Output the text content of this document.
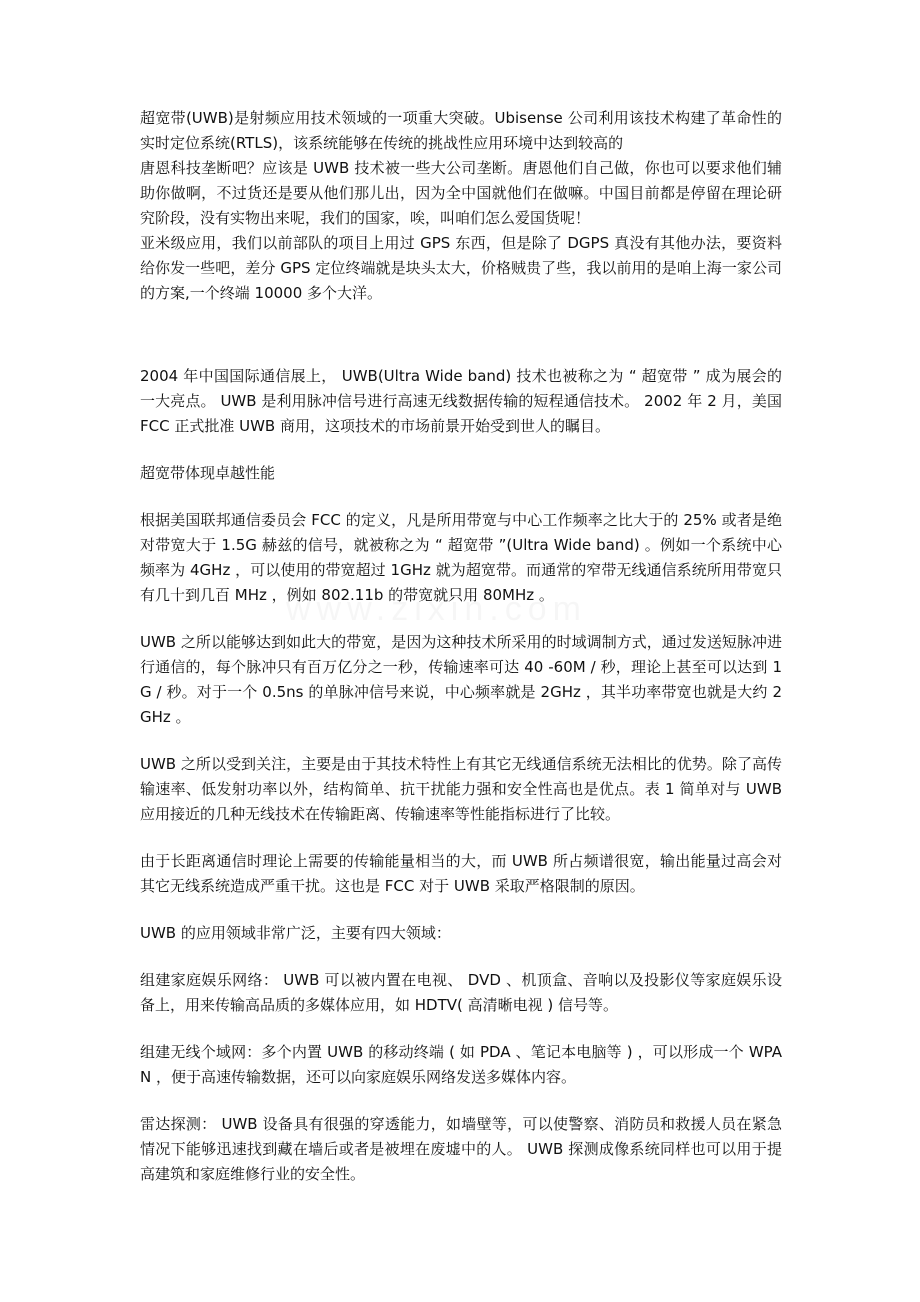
超宽带(UWB)是射频应用技术领域的一项重大突破。Ubisense 公司利用该技术构建了革命性的实时定位系统(RTLS)，该系统能够在传统的挑战性应用环境中达到较高的

唐恩科技垄断吧？应该是 UWB 技术被一些大公司垄断。唐恩他们自己做，你也可以要求他们辅助你做啊，不过货还是要从他们那儿出，因为全中国就他们在做嘛。中国目前都是停留在理论研究阶段，没有实物出来呢，我们的国家，唉，叫咱们怎么爱国货呢！

亚米级应用，我们以前部队的项目上用过 GPS 东西，但是除了 DGPS 真没有其他办法，要资料给你发一些吧，差分 GPS 定位终端就是块头太大，价格贼贵了些，我以前用的是咱上海一家公司的方案,一个终端 10000 多个大洋。

2004 年中国国际通信展上， UWB(Ultra Wide band) 技术也被称之为 “ 超宽带 ” 成为展会的一大亮点。 UWB 是利用脉冲信号进行高速无线数据传输的短程通信技术。 2002 年 2 月，美国 FCC 正式批准 UWB 商用，这项技术的市场前景开始受到世人的瞩目。

超宽带体现卓越性能

根据美国联邦通信委员会 FCC 的定义，凡是所用带宽与中心工作频率之比大于的 25% 或者是绝对带宽大于 1.5G 赫兹的信号，就被称之为 “ 超宽带 ”(Ultra Wide band) 。例如一个系统中心频率为 4GHz ，可以使用的带宽超过 1GHz 就为超宽带。而通常的窄带无线通信系统所用带宽只有几十到几百 MHz ，例如 802.11b 的带宽就只用 80MHz 。

UWB 之所以能够达到如此大的带宽，是因为这种技术所采用的时域调制方式，通过发送短脉冲进行通信的，每个脉冲只有百万亿分之一秒，传输速率可达 40 -60M / 秒，理论上甚至可以达到 1G / 秒。对于一个 0.5ns 的单脉冲信号来说，中心频率就是 2GHz ，其半功率带宽也就是大约 2GHz 。

UWB 之所以受到关注，主要是由于其技术特性上有其它无线通信系统无法相比的优势。除了高传输速率、低发射功率以外，结构简单、抗干扰能力强和安全性高也是优点。表 1 简单对与 UWB 应用接近的几种无线技术在传输距离、传输速率等性能指标进行了比较。

由于长距离通信时理论上需要的传输能量相当的大，而 UWB 所占频谱很宽，输出能量过高会对其它无线系统造成严重干扰。这也是 FCC 对于 UWB 采取严格限制的原因。

UWB 的应用领域非常广泛，主要有四大领域：

组建家庭娱乐网络： UWB 可以被内置在电视、 DVD 、机顶盒、音响以及投影仪等家庭娱乐设备上，用来传输高品质的多媒体应用，如 HDTV( 高清晰电视 ) 信号等。

组建无线个域网：多个内置 UWB 的移动终端 ( 如 PDA 、笔记本电脑等 ) ，可以形成一个 WPAN ，便于高速传输数据，还可以向家庭娱乐网络发送多媒体内容。

雷达探测： UWB 设备具有很强的穿透能力，如墙壁等，可以使警察、消防员和救援人员在紧急情况下能够迅速找到藏在墙后或者是被埋在废墟中的人。 UWB 探测成像系统同样也可以用于提高建筑和家庭维修行业的安全性。
